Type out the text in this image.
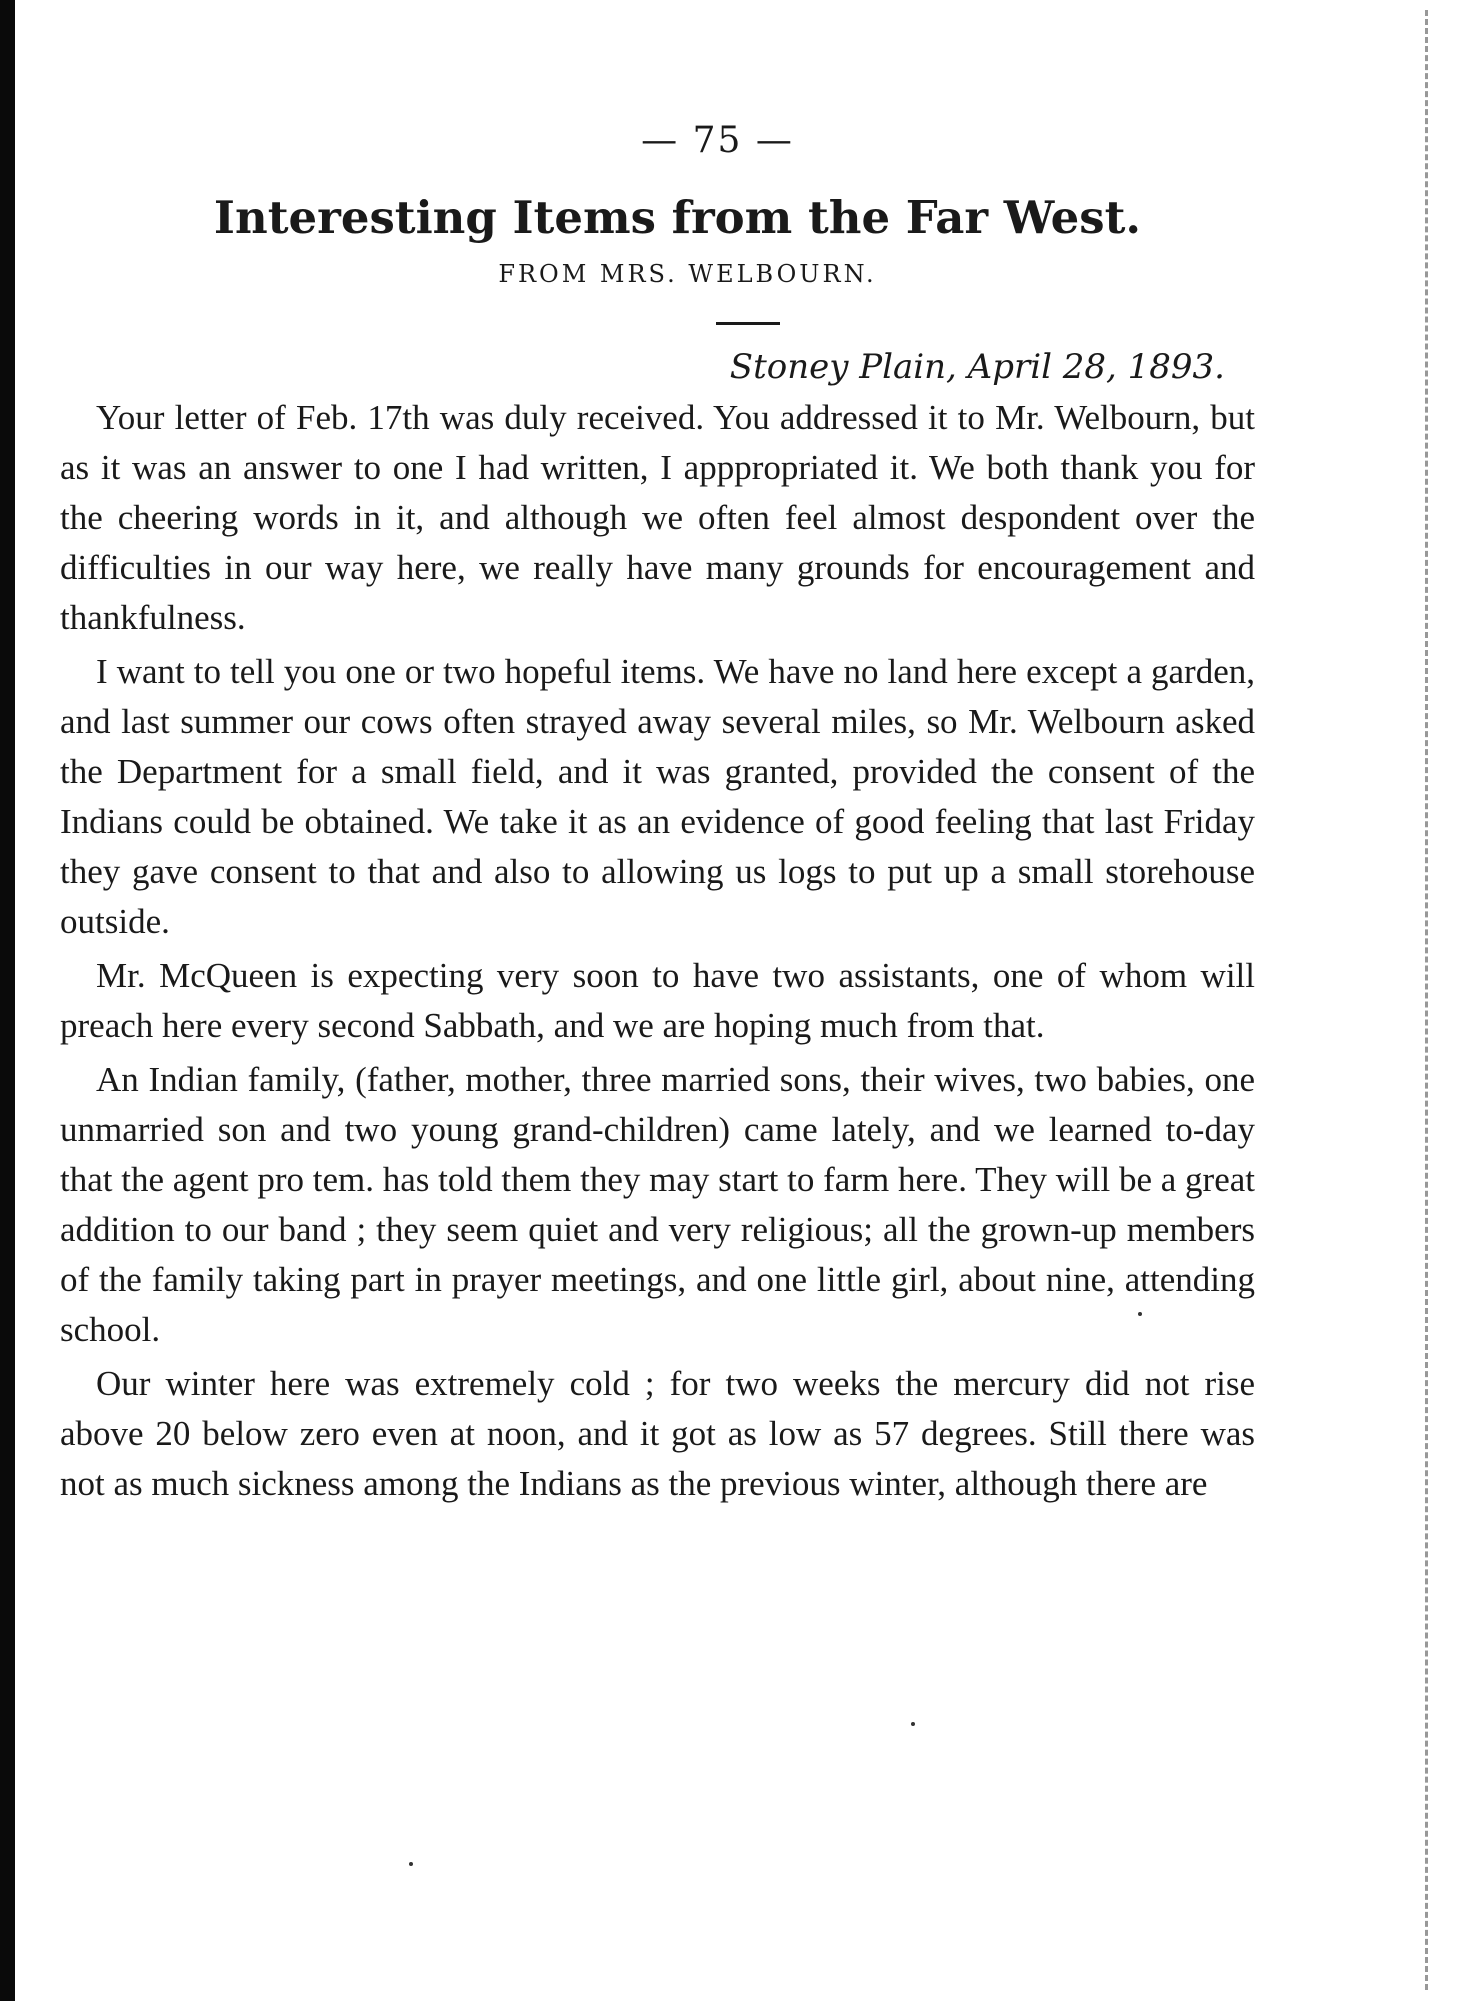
— 75 —

Interesting Items from the Far West.

FROM MRS. WELBOURN.

Stoney Plain, April 28, 1893.

Your letter of Feb. 17th was duly received. You addressed it to Mr. Welbourn, but as it was an answer to one I had written, I apppropriated it. We both thank you for the cheering words in it, and although we often feel almost despondent over the difficulties in our way here, we really have many grounds for encouragement and thankfulness.

I want to tell you one or two hopeful items. We have no land here except a garden, and last summer our cows often strayed away several miles, so Mr. Welbourn asked the Department for a small field, and it was granted, provided the consent of the Indians could be obtained. We take it as an evidence of good feeling that last Friday they gave consent to that and also to allowing us logs to put up a small storehouse outside.

Mr. McQueen is expecting very soon to have two assistants, one of whom will preach here every second Sabbath, and we are hoping much from that.

An Indian family, (father, mother, three married sons, their wives, two babies, one unmarried son and two young grand-children) came lately, and we learned to-day that the agent pro tem. has told them they may start to farm here. They will be a great addition to our band ; they seem quiet and very religious; all the grown-up members of the family taking part in prayer meetings, and one little girl, about nine, attending school.

Our winter here was extremely cold ; for two weeks the mercury did not rise above 20 below zero even at noon, and it got as low as 57 degrees. Still there was not as much sickness among the Indians as the previous winter, although there are
